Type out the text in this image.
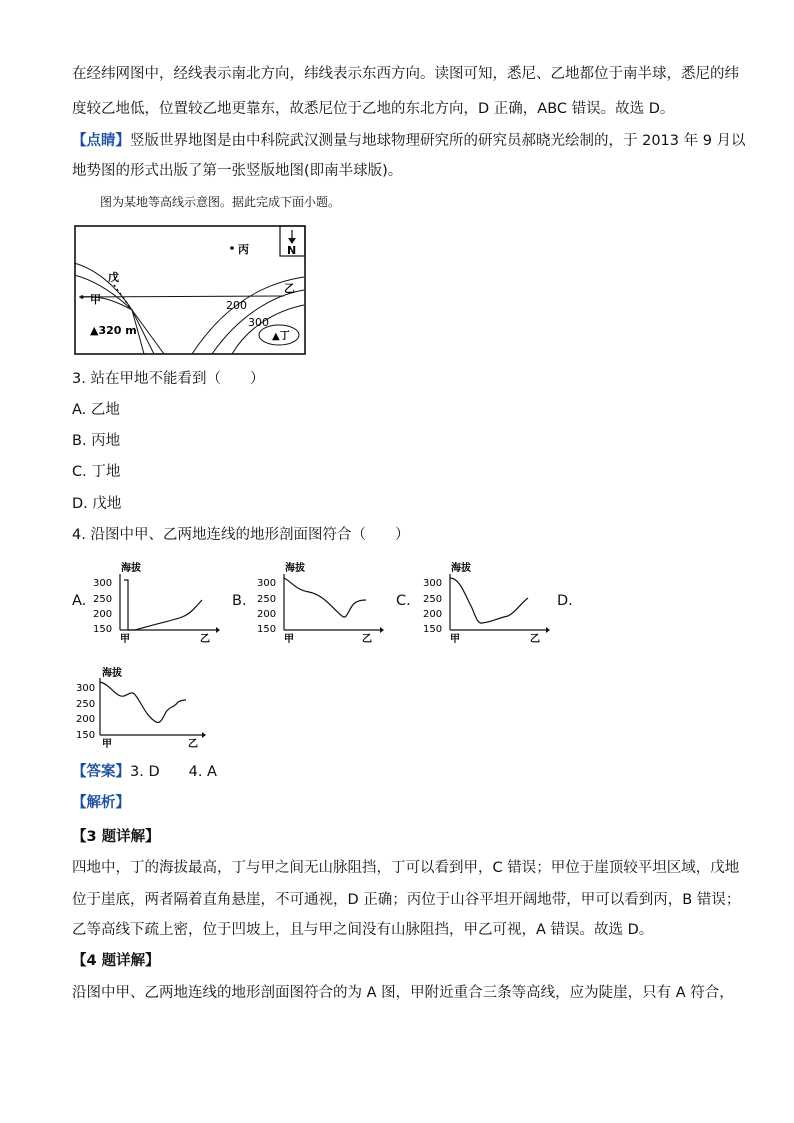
在经纬网图中，经线表示南北方向，纬线表示东西方向。读图可知，悉尼、乙地都位于南半球，悉尼的纬
度较乙地低，位置较乙地更靠东，故悉尼位于乙地的东北方向，D 正确，ABC 错误。故选 D。
【点睛】竖版世界地图是由中科院武汉测量与地球物理研究所的研究员郝晓光绘制的，于 2013 年 9 月以
地势图的形式出版了第一张竖版地图(即南半球版)。
图为某地等高线示意图。据此完成下面小题。
N
戊
甲
丙
乙
200
300
▲丁
▲320 m
3. 站在甲地不能看到（　　）
A. 乙地
B. 丙地
C. 丁地
D. 戊地
4. 沿图中甲、乙两地连线的地形剖面图符合（　　）
A.	B.	C.	D.
海拔
300
250
200
150
甲	乙
海拔
300
250
200
150
甲	乙
海拔
300
250
200
150
甲	乙
海拔
300
250
200
150
甲	乙
【答案】3. D　　4. A
【解析】
【3 题详解】
四地中，丁的海拔最高，丁与甲之间无山脉阻挡，丁可以看到甲，C 错误；甲位于崖顶较平坦区域，戊地
位于崖底，两者隔着直角悬崖，不可通视，D 正确；丙位于山谷平坦开阔地带，甲可以看到丙，B 错误；
乙等高线下疏上密，位于凹坡上，且与甲之间没有山脉阻挡，甲乙可视，A 错误。故选 D。
【4 题详解】
沿图中甲、乙两地连线的地形剖面图符合的为 A 图，甲附近重合三条等高线，应为陡崖，只有 A 符合，
